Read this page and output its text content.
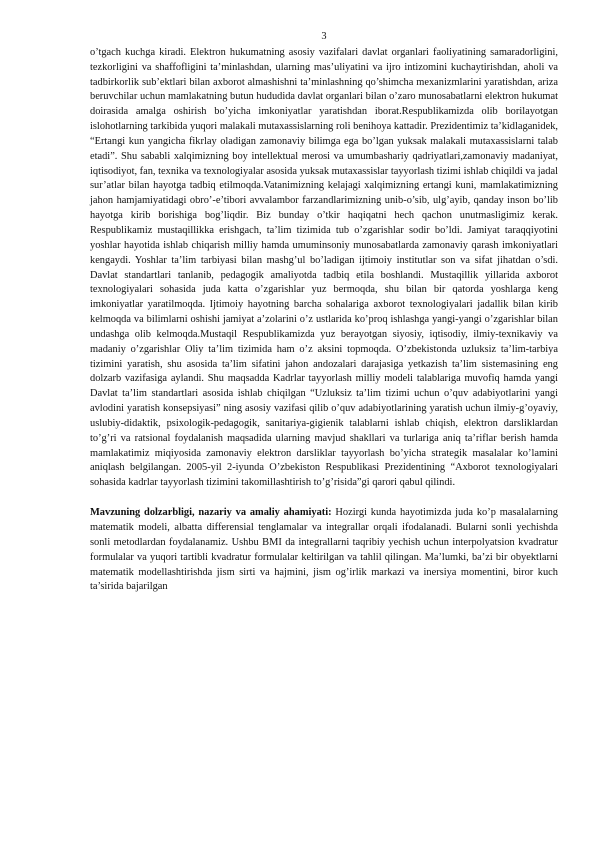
3

o’tgach kuchga kiradi. Elektron hukumatning asosiy vazifalari davlat organlari faoliyatining samaradorligini, tezkorligini va shaffofligini ta’minlashdan, ularning mas’uliyatini va ijro intizomini kuchaytirishdan, aholi va tadbirkorlik sub’ektlari bilan axborot almashishni ta’minlashning qo’shimcha mexanizmlarini yaratishdan, ariza beruvchilar uchun mamlakatning butun hududida davlat organlari bilan o’zaro munosabatlarni elektron hukumat doirasida amalga oshirish bo’yicha imkoniyatlar yaratishdan iborat.Respublikamizda olib borilayotgan islohotlarning tarkibida yuqori malakali mutaxassislarning roli benihoya kattadir. Prezidentimiz ta’kidlaganidek, “Ertangi kun yangicha fikrlay oladigan zamonaviy bilimga ega bo’lgan yuksak malakali mutaxassislarni talab etadi”. Shu sababli xalqimizning boy intellektual merosi va umumbashariy qadriyatlari,zamonaviy madaniyat, iqtisodiyot, fan, texnika va texnologiyalar asosida yuksak mutaxassislar tayyorlash tizimi ishlab chiqildi va jadal sur’atlar bilan hayotga tadbiq etilmoqda.Vatanimizning kelajagi xalqimizning ertangi kuni, mamlakatimizning jahon hamjamiyatidagi obro’-e’tibori avvalambor farzandlarimizning unib-o’sib, ulg’ayib, qanday inson bo’lib hayotga kirib borishiga bog’liqdir. Biz bunday o’tkir haqiqatni hech qachon unutmasligimiz kerak. Respublikamiz mustaqillikka erishgach, ta’lim tizimida tub o’zgarishlar sodir bo’ldi. Jamiyat taraqqiyotini yoshlar hayotida ishlab chiqarish milliy hamda umuminsoniy munosabatlarda zamonaviy qarash imkoniyatlari kengaydi. Yoshlar ta’lim tarbiyasi bilan mashg’ul bo’ladigan ijtimoiy institutlar son va sifat jihatdan o’sdi. Davlat standartlari tanlanib, pedagogik amaliyotda tadbiq etila boshlandi. Mustaqillik yillarida axborot texnologiyalari sohasida juda katta o’zgarishlar yuz bermoqda, shu bilan bir qatorda yoshlarga keng imkoniyatlar yaratilmoqda. Ijtimoiy hayotning barcha sohalariga axborot texnologiyalari jadallik bilan kirib kelmoqda va bilimlarni oshishi jamiyat a’zolarini o’z ustlarida ko’proq ishlashga yangi-yangi o’zgarishlar bilan undashga olib kelmoqda.Mustaqil Respublikamizda yuz berayotgan siyosiy, iqtisodiy, ilmiy-texnikaviy va madaniy o’zgarishlar Oliy ta’lim tizimida ham o’z aksini topmoqda. O’zbekistonda uzluksiz ta’lim-tarbiya tizimini yaratish, shu asosida ta’lim sifatini jahon andozalari darajasiga yetkazish ta’lim sistemasining eng dolzarb vazifasiga aylandi. Shu maqsadda Kadrlar tayyorlash milliy modeli talablariga muvofiq hamda yangi Davlat ta’lim standartlari asosida ishlab chiqilgan “Uzluksiz ta’lim tizimi uchun o’quv adabiyotlarini yangi avlodini yaratish konsepsiyasi” ning asosiy vazifasi qilib o’quv adabiyotlarining yaratish uchun ilmiy-g’oyaviy, uslubiy-didaktik, psixologik-pedagogik, sanitariya-gigienik talablarni ishlab chiqish, elektron darsliklardan to’g’ri va ratsional foydalanish maqsadida ularning mavjud shakllari va turlariga aniq ta’riflar berish hamda mamlakatimiz miqiyosida zamonaviy elektron darsliklar tayyorlash bo’yicha strategik masalalar ko’lamini aniqlash belgilangan. 2005-yil 2-iyunda O’zbekiston Respublikasi Prezidentining “Axborot texnologiyalari sohasida kadrlar tayyorlash tizimini takomillashtirish to’g’risida”gi qarori qabul qilindi.

Mavzuning dolzarbligi, nazariy va amaliy ahamiyati: Hozirgi kunda hayotimizda juda ko’p masalalarning matematik modeli, albatta differensial tenglamalar va integrallar orqali ifodalanadi. Bularni sonli yechishda sonli metodlardan foydalanamiz. Ushbu BMI da integrallarni taqribiy yechish uchun interpolyatsion kvadratur formulalar va yuqori tartibli kvadratur formulalar keltirilgan va tahlil qilingan. Ma’lumki, ba’zi bir obyektlarni matematik modellashtirishda jism sirti va hajmini, jism og’irlik markazi va inersiya momentini, biror kuch ta’sirida bajarilgan
